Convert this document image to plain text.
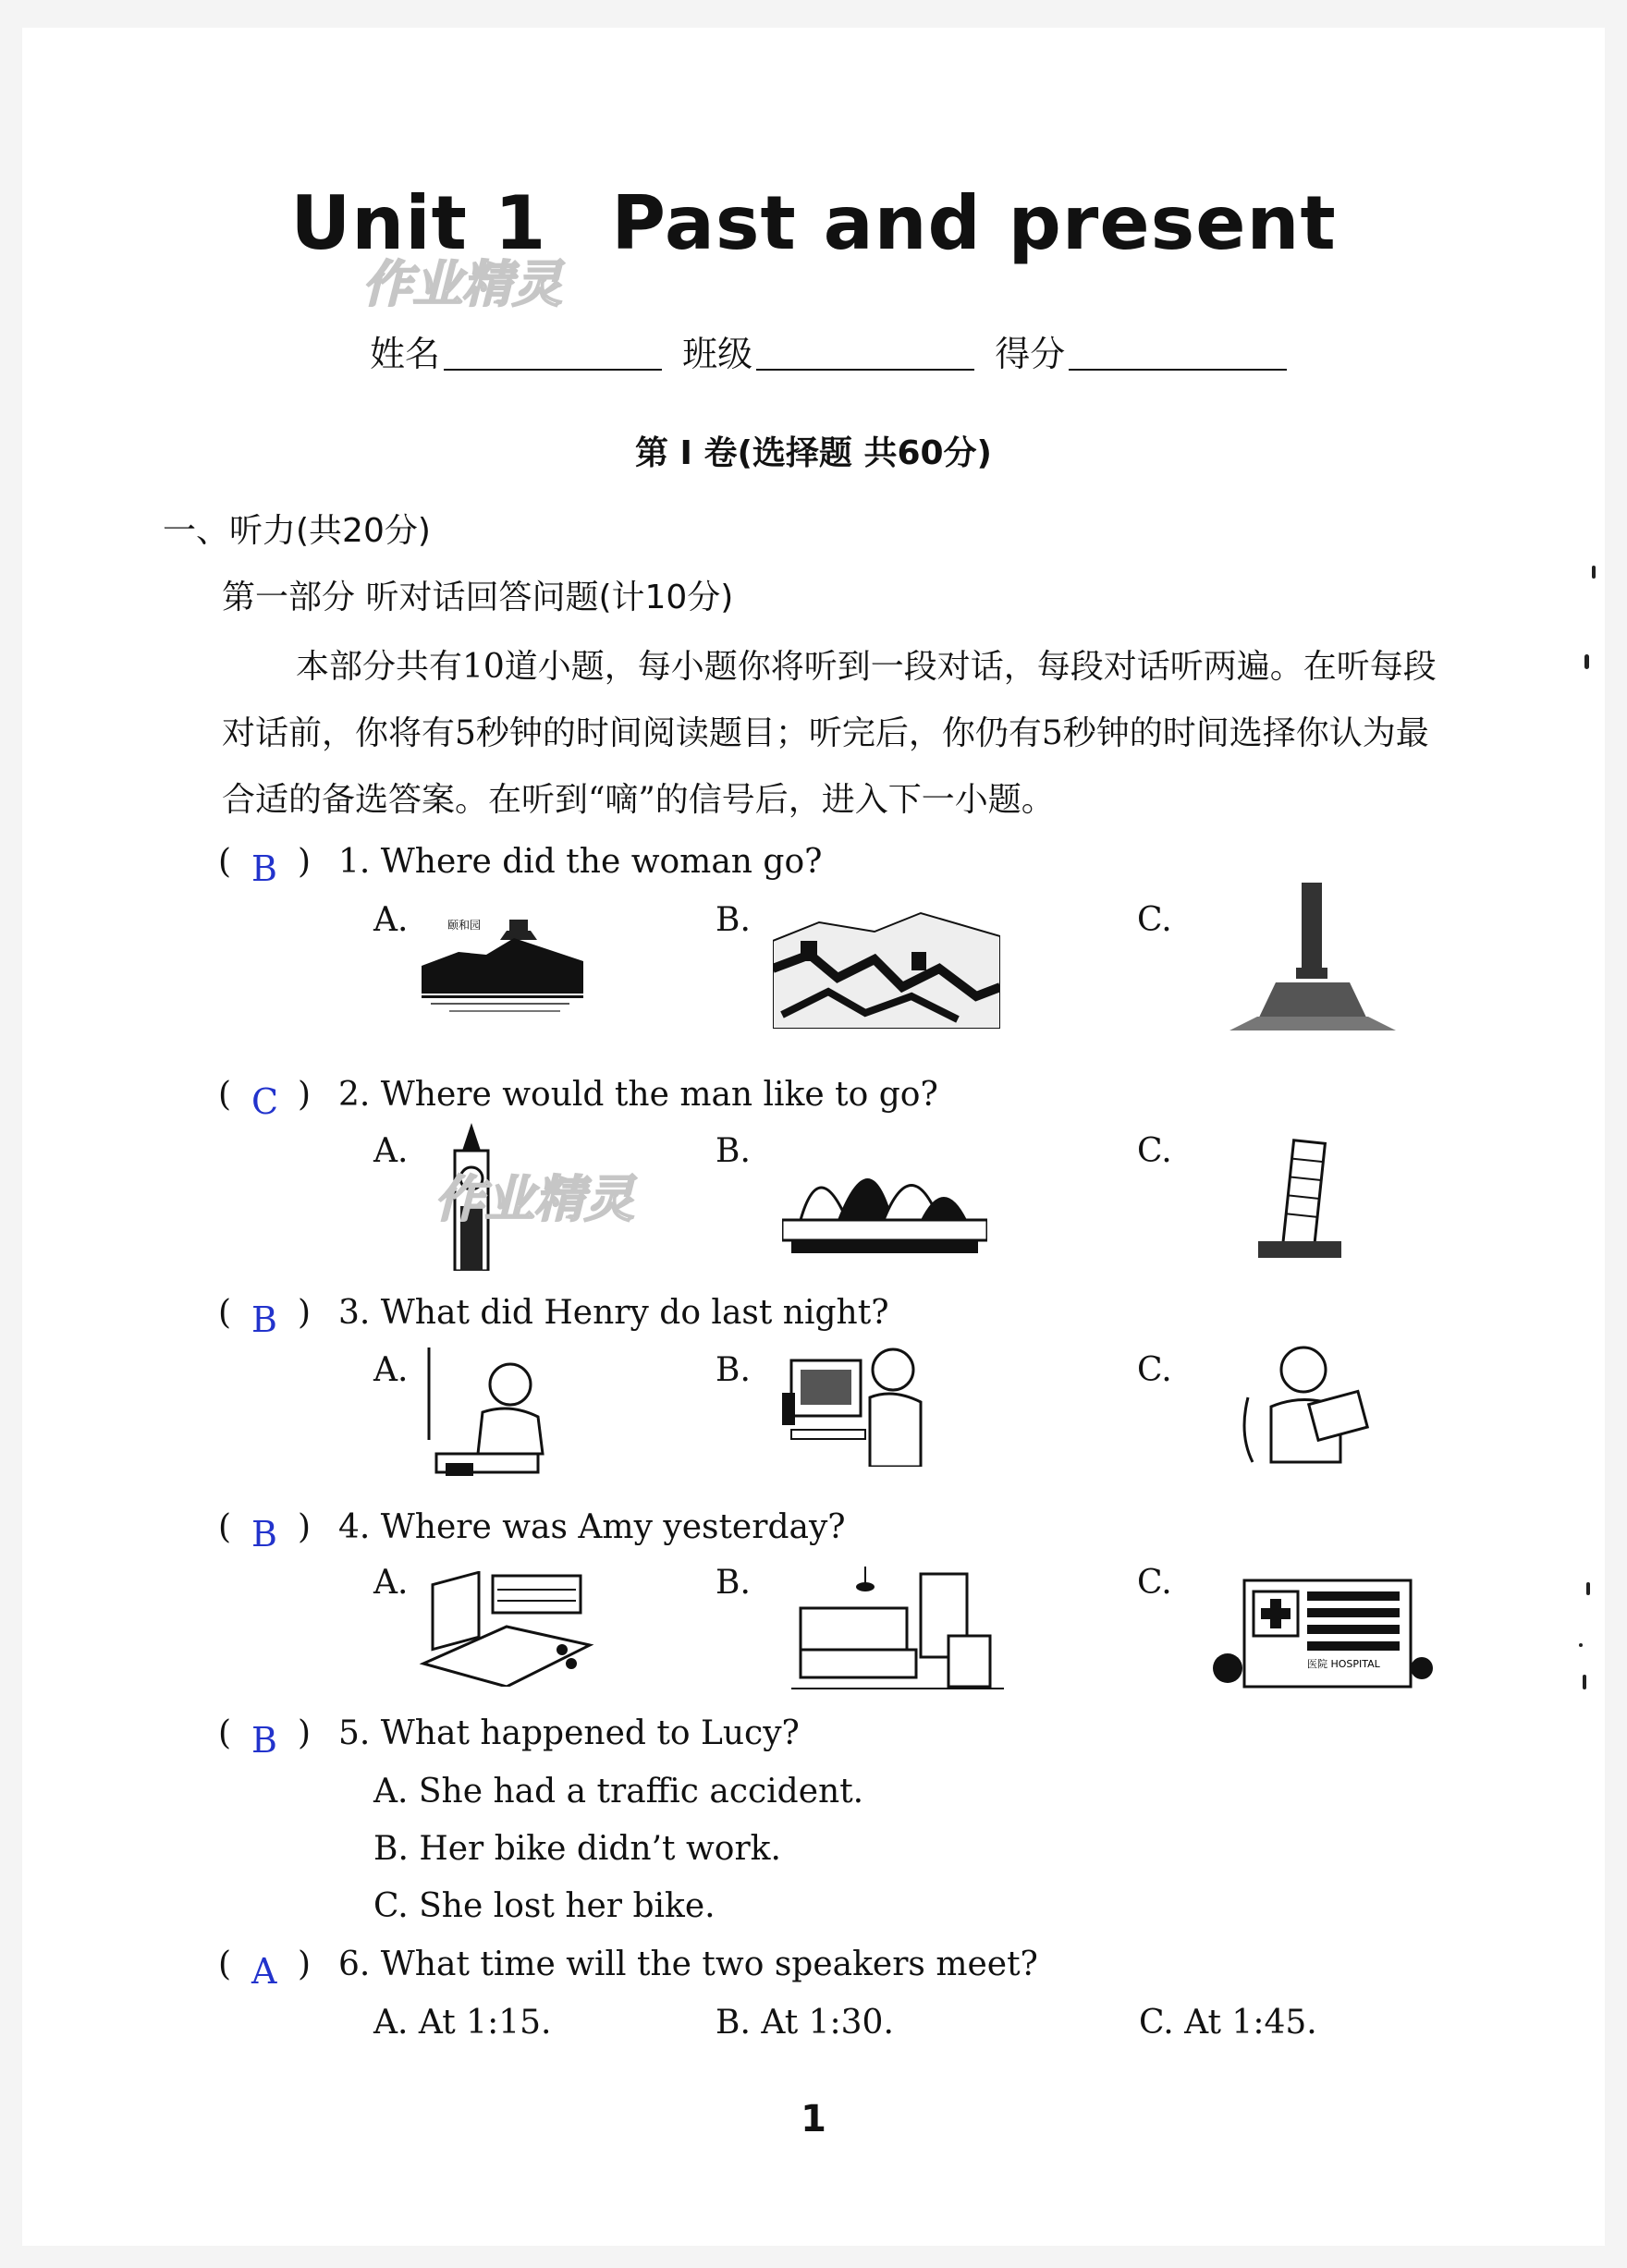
Unit 1 Past and present
作业精灵
姓名	班级	得分
第 I 卷(选择题 共60分)
一、听力(共20分)
第一部分 听对话回答问题(计10分)
本部分共有10道小题，每小题你将听到一段对话，每段对话听两遍。在听每段对话前，你将有5秒钟的时间阅读题目；听完后，你仍有5秒钟的时间选择你认为最合适的备选答案。在听到“嘀”的信号后，进入下一小题。
( B ) 1. Where did the woman go?
A.	B.	C.
颐和园
( C ) 2. Where would the man like to go?
A.	B.	C.
作业精灵
( B ) 3. What did Henry do last night?
A.	B.	C.
( B ) 4. Where was Amy yesterday?
A.	B.	C.
医院 HOSPITAL
( B ) 5. What happened to Lucy?
A. She had a traffic accident.
B. Her bike didn’t work.
C. She lost her bike.
( A ) 6. What time will the two speakers meet?
A. At 1:15.	B. At 1:30.	C. At 1:45.
1
